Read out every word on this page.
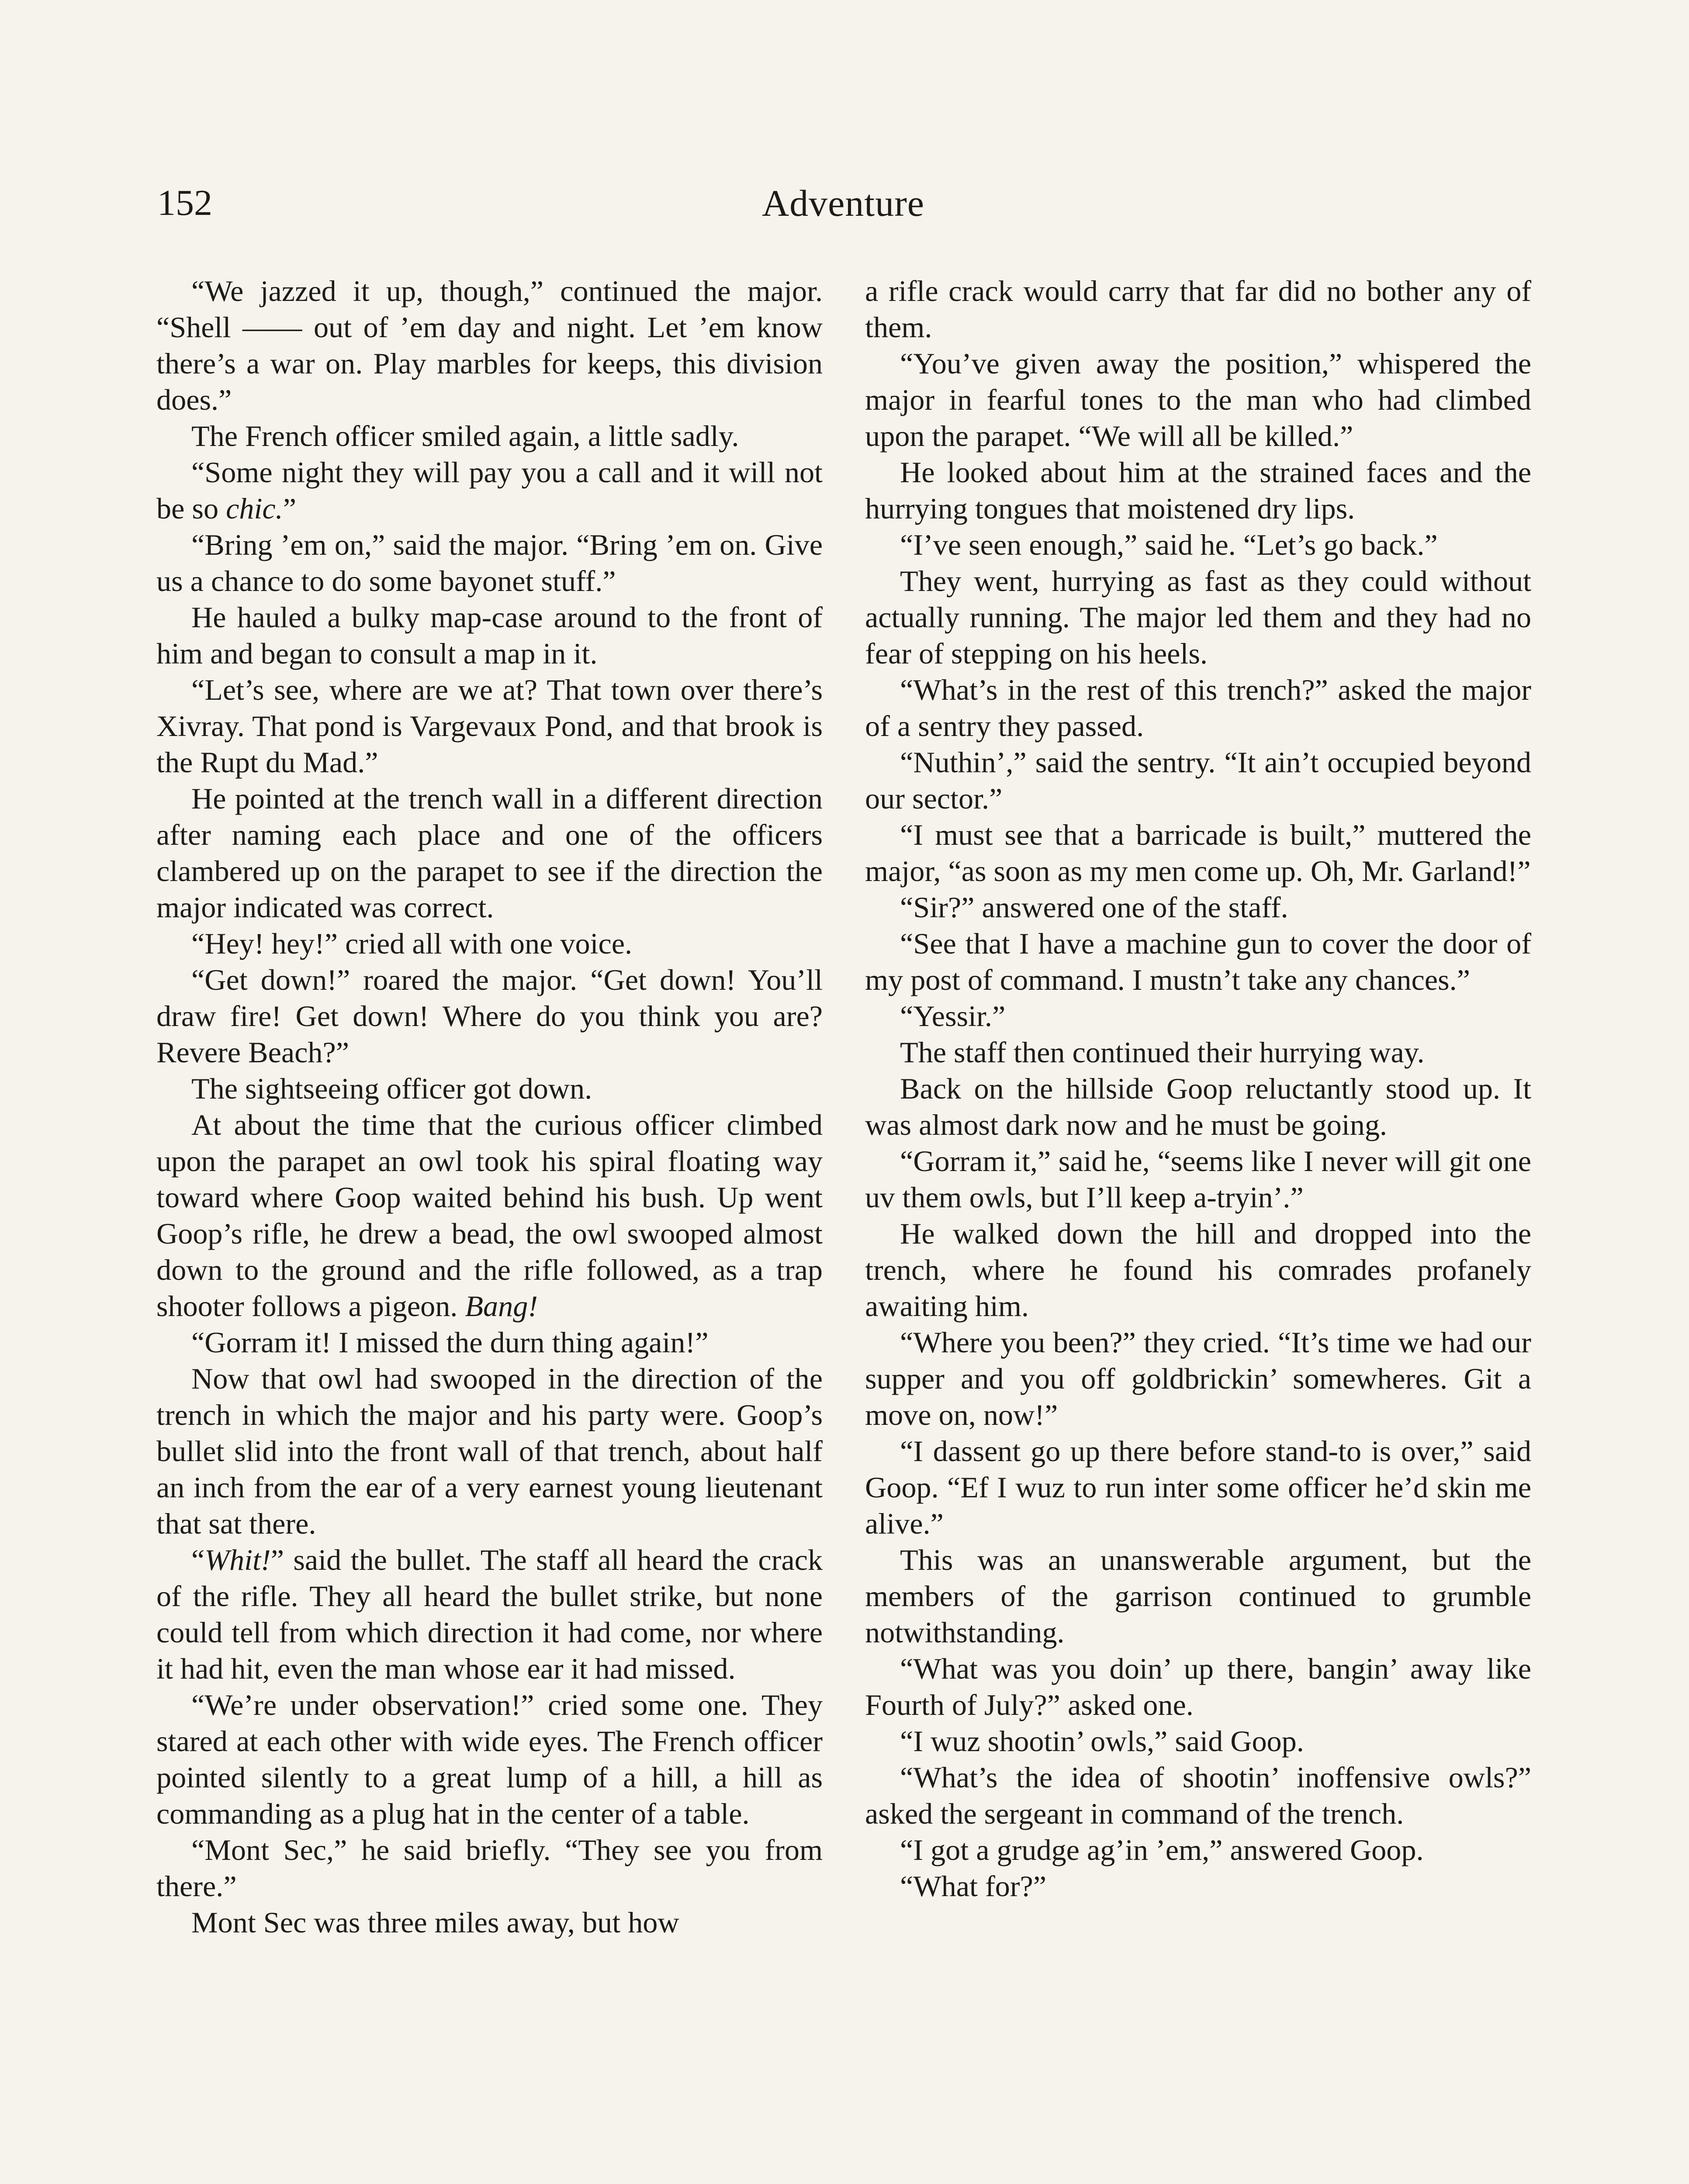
152	Adventure

“We jazzed it up, though,” continued the major. “Shell —— out of ’em day and night. Let ’em know there’s a war on. Play marbles for keeps, this division does.”

The French officer smiled again, a little sadly.

“Some night they will pay you a call and it will not be so chic.”

“Bring ’em on,” said the major. “Bring ’em on. Give us a chance to do some bayonet stuff.”

He hauled a bulky map-case around to the front of him and began to consult a map in it.

“Let’s see, where are we at? That town over there’s Xivray. That pond is Vargevaux Pond, and that brook is the Rupt du Mad.”

He pointed at the trench wall in a different direction after naming each place and one of the officers clambered up on the parapet to see if the direction the major indicated was correct.

“Hey! hey!” cried all with one voice.

“Get down!” roared the major. “Get down! You’ll draw fire! Get down! Where do you think you are? Revere Beach?”

The sightseeing officer got down.

At about the time that the curious officer climbed upon the parapet an owl took his spiral floating way toward where Goop waited behind his bush. Up went Goop’s rifle, he drew a bead, the owl swooped almost down to the ground and the rifle followed, as a trap shooter follows a pigeon. Bang!

“Gorram it! I missed the durn thing again!”

Now that owl had swooped in the direction of the trench in which the major and his party were. Goop’s bullet slid into the front wall of that trench, about half an inch from the ear of a very earnest young lieutenant that sat there.

“Whit!” said the bullet. The staff all heard the crack of the rifle. They all heard the bullet strike, but none could tell from which direction it had come, nor where it had hit, even the man whose ear it had missed.

“We’re under observation!” cried some one. They stared at each other with wide eyes. The French officer pointed silently to a great lump of a hill, a hill as commanding as a plug hat in the center of a table.

“Mont Sec,” he said briefly. “They see you from there.”

Mont Sec was three miles away, but how

a rifle crack would carry that far did no bother any of them.

“You’ve given away the position,” whispered the major in fearful tones to the man who had climbed upon the parapet. “We will all be killed.”

He looked about him at the strained faces and the hurrying tongues that moistened dry lips.

“I’ve seen enough,” said he. “Let’s go back.”

They went, hurrying as fast as they could without actually running. The major led them and they had no fear of stepping on his heels.

“What’s in the rest of this trench?” asked the major of a sentry they passed.

“Nuthin’,” said the sentry. “It ain’t occupied beyond our sector.”

“I must see that a barricade is built,” muttered the major, “as soon as my men come up. Oh, Mr. Garland!”

“Sir?” answered one of the staff.

“See that I have a machine gun to cover the door of my post of command. I mustn’t take any chances.”

“Yessir.”

The staff then continued their hurrying way.

Back on the hillside Goop reluctantly stood up. It was almost dark now and he must be going.

“Gorram it,” said he, “seems like I never will git one uv them owls, but I’ll keep a-tryin’.”

He walked down the hill and dropped into the trench, where he found his comrades profanely awaiting him.

“Where you been?” they cried. “It’s time we had our supper and you off goldbrickin’ somewheres. Git a move on, now!”

“I dassent go up there before stand-to is over,” said Goop. “Ef I wuz to run inter some officer he’d skin me alive.”

This was an unanswerable argument, but the members of the garrison continued to grumble notwithstanding.

“What was you doin’ up there, bangin’ away like Fourth of July?” asked one.

“I wuz shootin’ owls,” said Goop.

“What’s the idea of shootin’ inoffensive owls?” asked the sergeant in command of the trench.

“I got a grudge ag’in ’em,” answered Goop.

“What for?”
